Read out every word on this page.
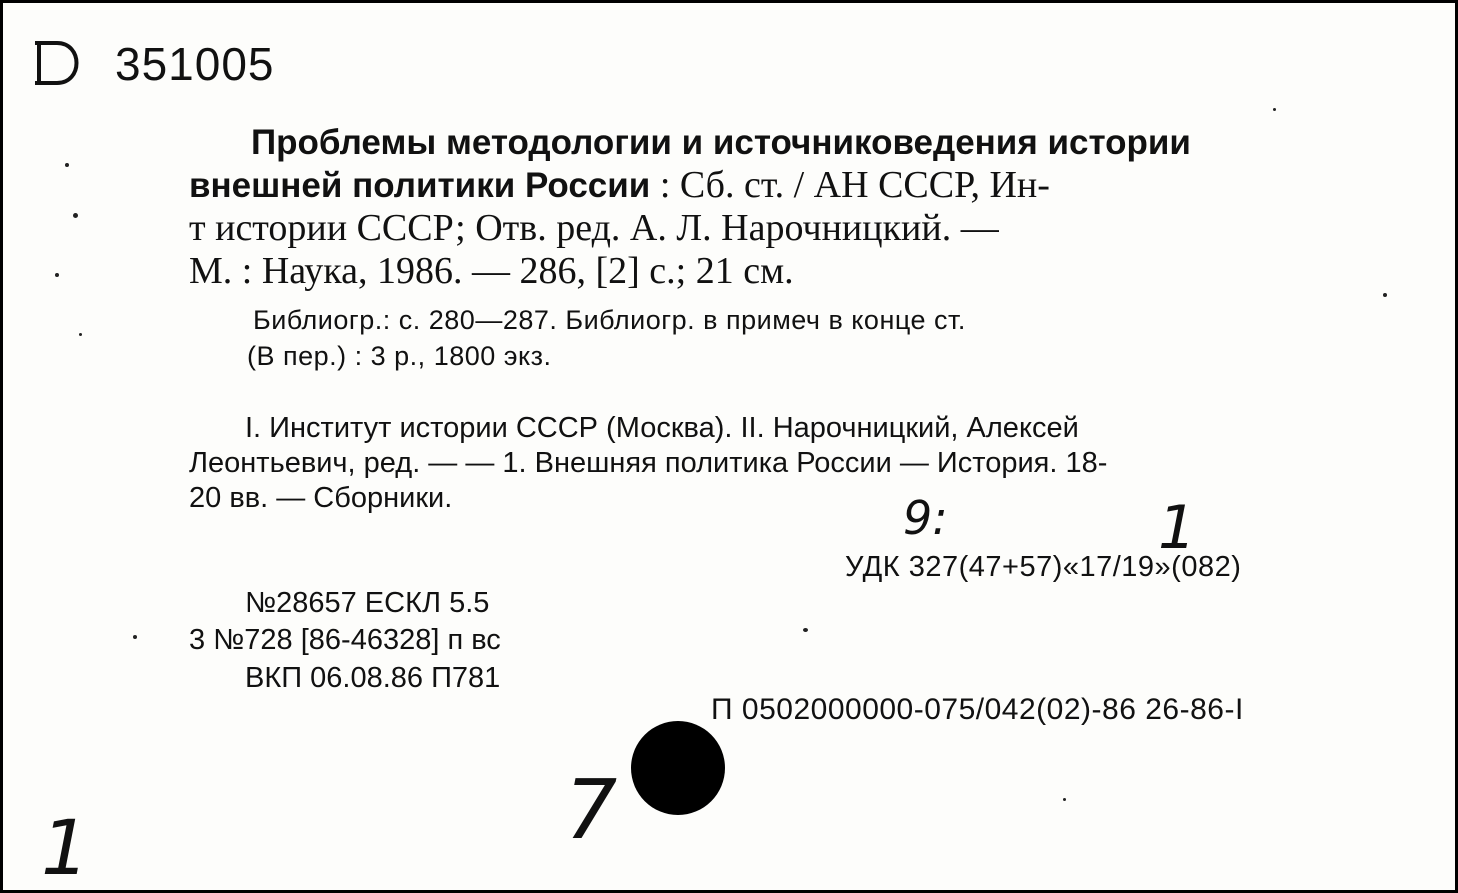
351005
Проблемы методологии и источниковедения истории
внешней политики России : Сб. ст. / АН СССР, Ин-
т истории СССР; Отв. ред. А. Л. Нарочницкий. —
М. : Наука, 1986. — 286, [2] с.; 21 см.
Библиогр.: с. 280—287. Библиогр. в примеч в конце ст.
(В пер.) : 3 р., 1800 экз.
I. Институт истории СССР (Москва). II. Нарочницкий, Алексей
Леонтьевич, ред. — — 1. Внешняя политика России — История. 18-
20 вв. — Сборники.
УДК 327(47+57)«17/19»(082)
№28657 ЕСКЛ 5.5
3 №728 [86-46328] п вс
ВКП 06.08.86 П781
П 0502000000-075/042(02)-86 26-86-I
9:	1
1	7
